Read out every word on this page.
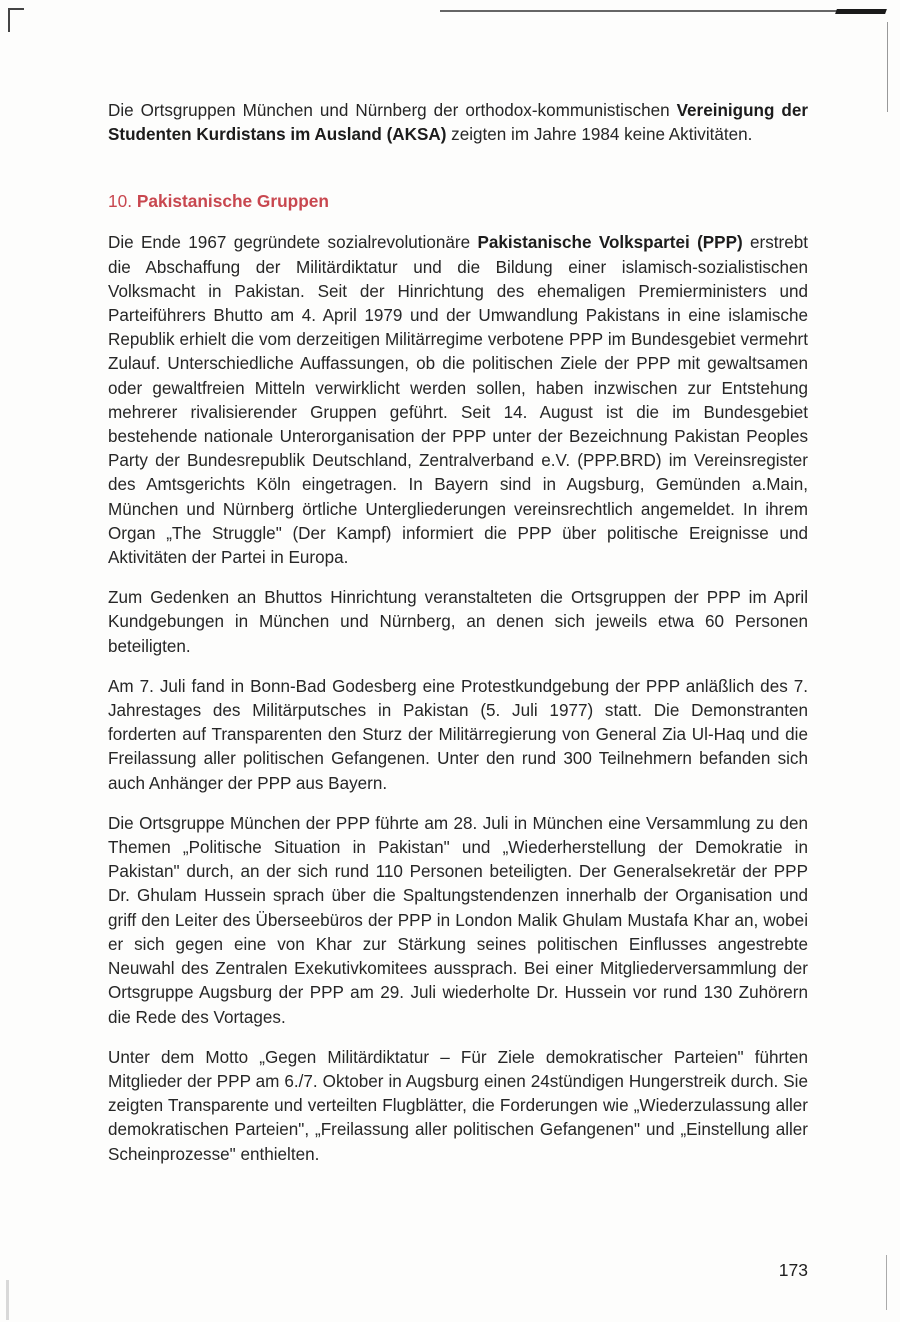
Die Ortsgruppen München und Nürnberg der orthodox-kommunistischen Vereinigung der Studenten Kurdistans im Ausland (AKSA) zeigten im Jahre 1984 keine Aktivitäten.

10. Pakistanische Gruppen

Die Ende 1967 gegründete sozialrevolutionäre Pakistanische Volkspartei (PPP) erstrebt die Abschaffung der Militärdiktatur und die Bildung einer islamisch-sozialistischen Volksmacht in Pakistan. Seit der Hinrichtung des ehemaligen Premierministers und Parteiführers Bhutto am 4. April 1979 und der Umwandlung Pakistans in eine islamische Republik erhielt die vom derzeitigen Militärregime verbotene PPP im Bundesgebiet vermehrt Zulauf. Unterschiedliche Auffassungen, ob die politischen Ziele der PPP mit gewaltsamen oder gewaltfreien Mitteln verwirklicht werden sollen, haben inzwischen zur Entstehung mehrerer rivalisierender Gruppen geführt. Seit 14. August ist die im Bundesgebiet bestehende nationale Unterorganisation der PPP unter der Bezeichnung Pakistan Peoples Party der Bundesrepublik Deutschland, Zentralverband e.V. (PPP.BRD) im Vereinsregister des Amtsgerichts Köln eingetragen. In Bayern sind in Augsburg, Gemünden a.Main, München und Nürnberg örtliche Untergliederungen vereinsrechtlich angemeldet. In ihrem Organ „The Struggle" (Der Kampf) informiert die PPP über politische Ereignisse und Aktivitäten der Partei in Europa.

Zum Gedenken an Bhuttos Hinrichtung veranstalteten die Ortsgruppen der PPP im April Kundgebungen in München und Nürnberg, an denen sich jeweils etwa 60 Personen beteiligten.

Am 7. Juli fand in Bonn-Bad Godesberg eine Protestkundgebung der PPP anläßlich des 7. Jahrestages des Militärputsches in Pakistan (5. Juli 1977) statt. Die Demonstranten forderten auf Transparenten den Sturz der Militärregierung von General Zia Ul-Haq und die Freilassung aller politischen Gefangenen. Unter den rund 300 Teilnehmern befanden sich auch Anhänger der PPP aus Bayern.

Die Ortsgruppe München der PPP führte am 28. Juli in München eine Versammlung zu den Themen „Politische Situation in Pakistan" und „Wiederherstellung der Demokratie in Pakistan" durch, an der sich rund 110 Personen beteiligten. Der Generalsekretär der PPP Dr. Ghulam Hussein sprach über die Spaltungstendenzen innerhalb der Organisation und griff den Leiter des Überseebüros der PPP in London Malik Ghulam Mustafa Khar an, wobei er sich gegen eine von Khar zur Stärkung seines politischen Einflusses angestrebte Neuwahl des Zentralen Exekutivkomitees aussprach. Bei einer Mitgliederversammlung der Ortsgruppe Augsburg der PPP am 29. Juli wiederholte Dr. Hussein vor rund 130 Zuhörern die Rede des Vortages.

Unter dem Motto „Gegen Militärdiktatur – Für Ziele demokratischer Parteien" führten Mitglieder der PPP am 6./7. Oktober in Augsburg einen 24stündigen Hungerstreik durch. Sie zeigten Transparente und verteilten Flugblätter, die Forderungen wie „Wiederzulassung aller demokratischen Parteien", „Freilassung aller politischen Gefangenen" und „Einstellung aller Scheinprozesse" enthielten.

173
